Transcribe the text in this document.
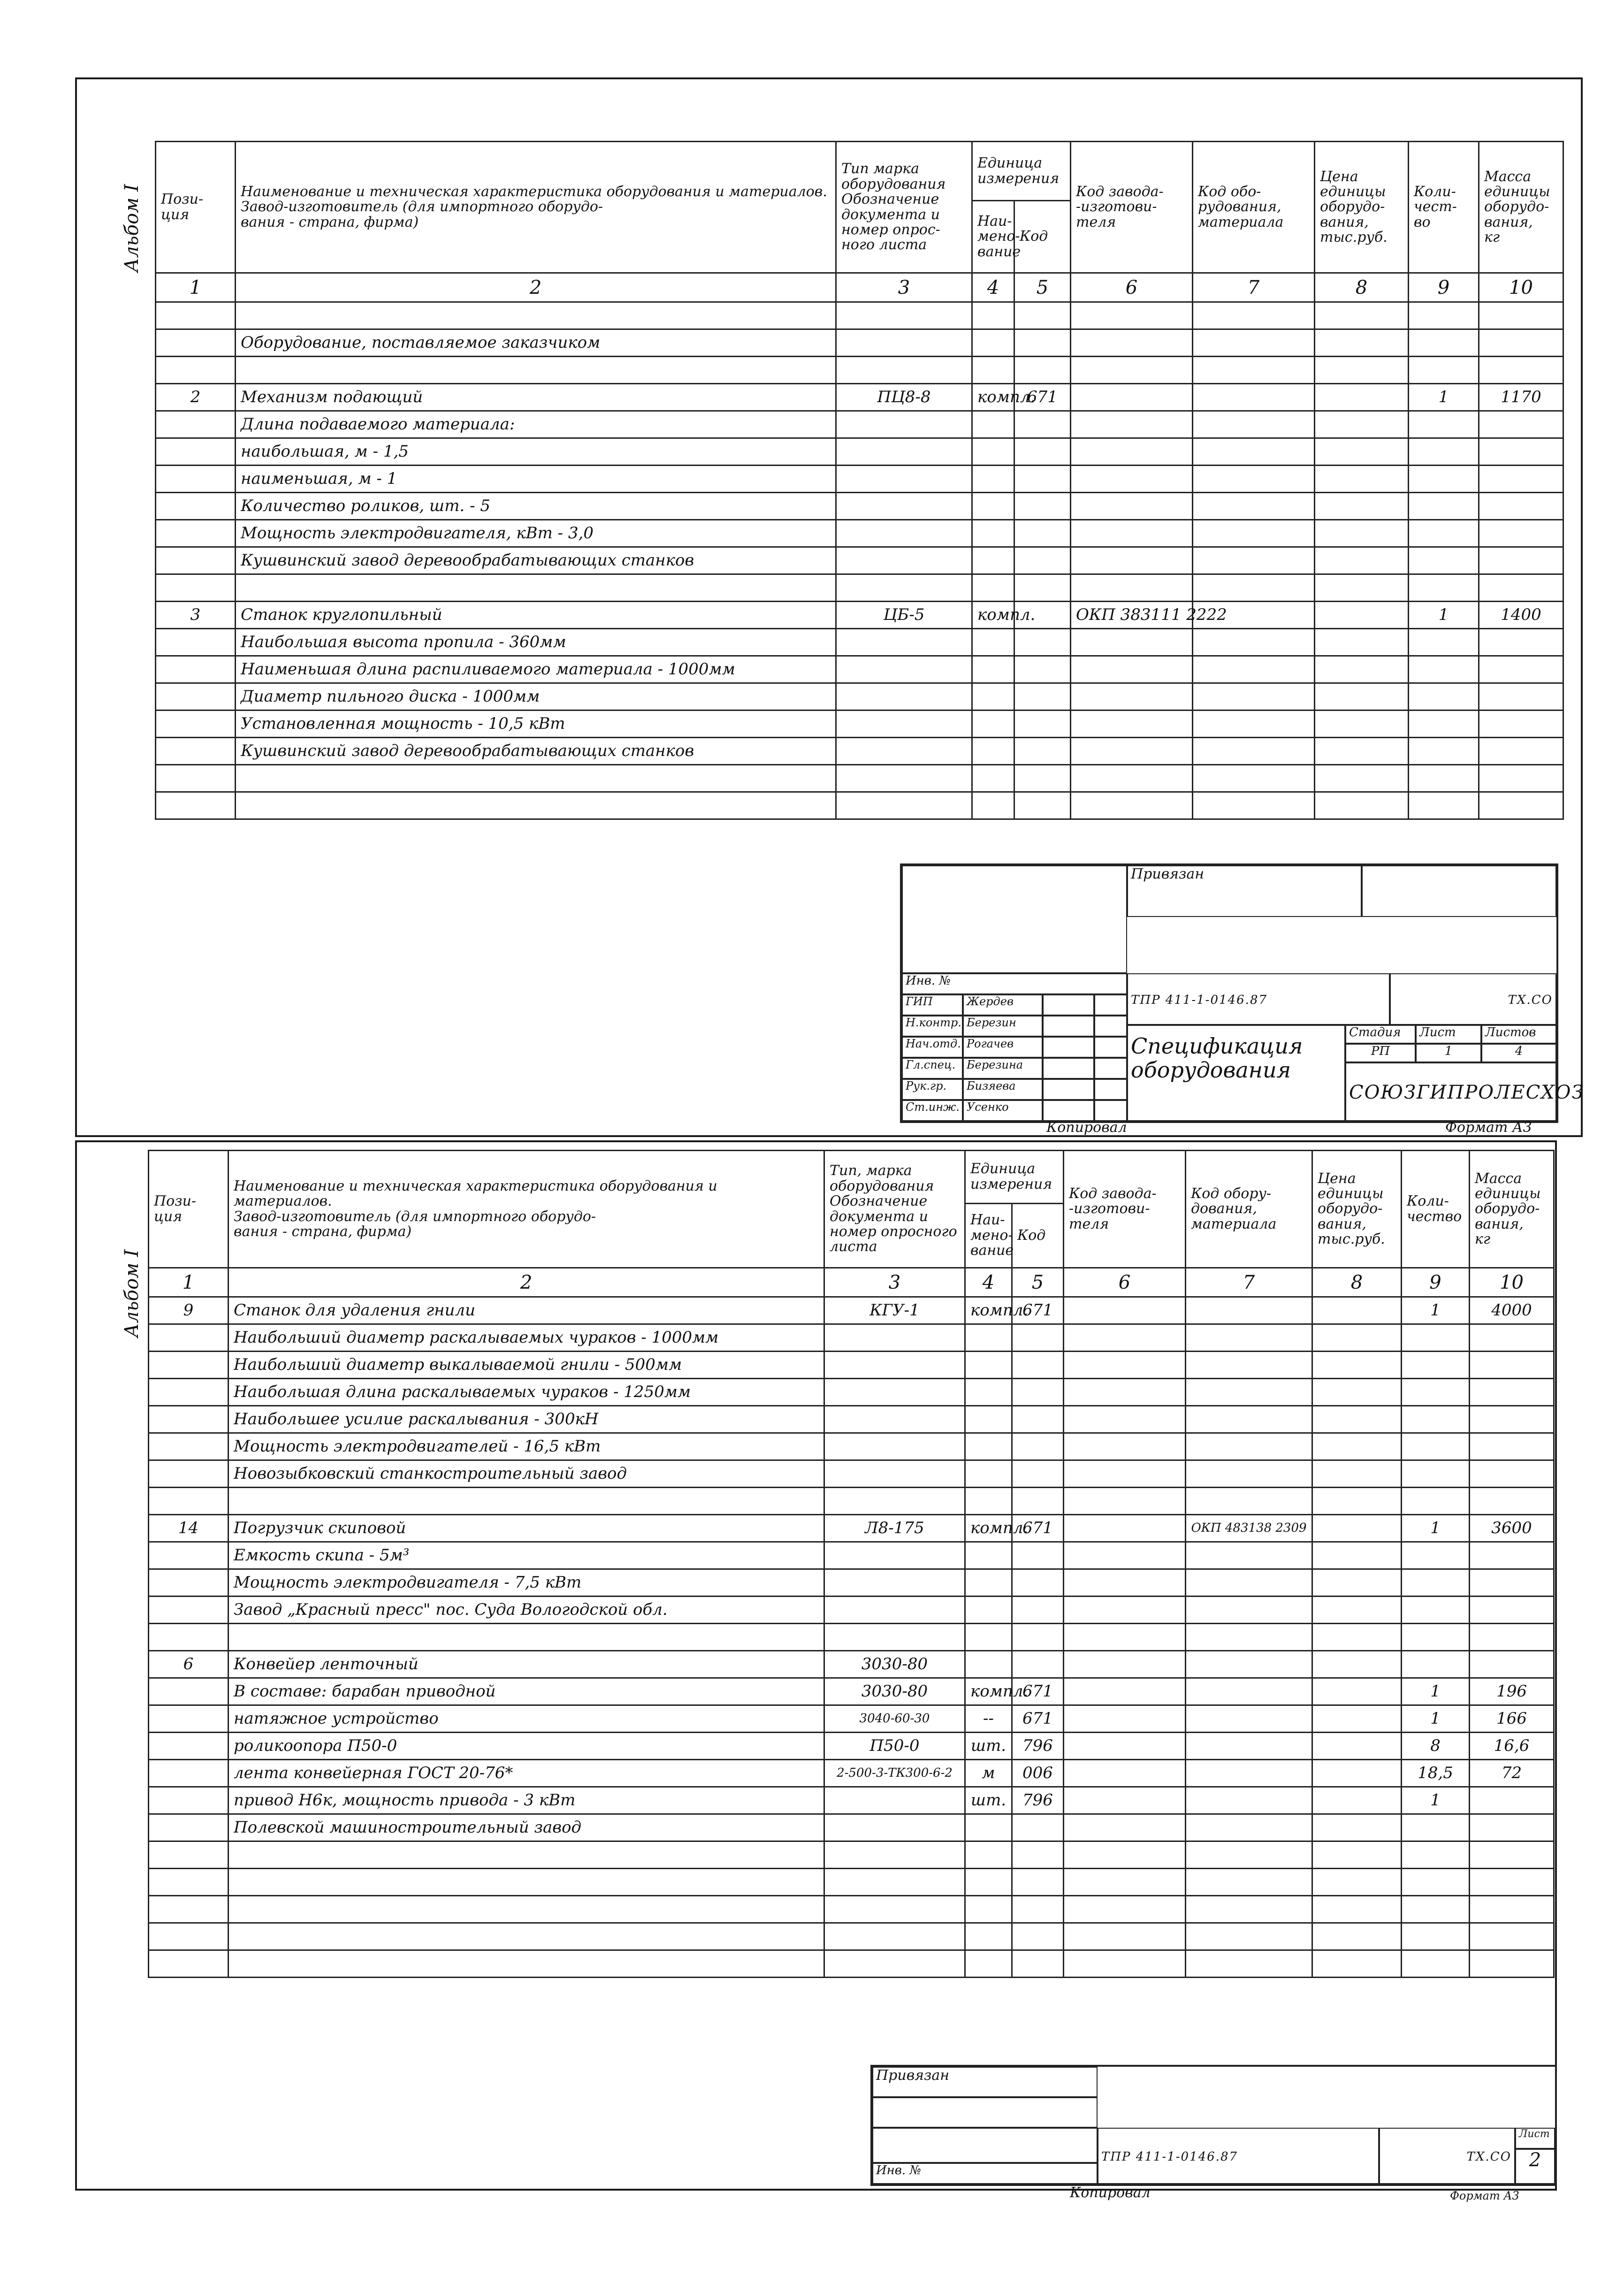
Альбом I Пози-
ция	Наименование и техническая характеристика оборудования и материалов.
Завод-изготовитель (для импортного оборудо-
вания - страна, фирма)	Тип марка оборудования
Обозначение документа и номер опрос-ного листа	Единица измерения		Код завода-
-изготови-
теля	Код обо-
рудования,
материала	Цена единицы оборудо-вания,
тыс.руб.	Коли-
чест-
во	Масса единицы оборудо-вания,
кг
			Наи-
мено-
вание	Код					
1	2	3	4	5	6	7	8	9	10

	Оборудование, поставляемое заказчиком								

2	Механизм подающий	ПЦ8-8	компл.	671				1	1170
	Длина подаваемого материала:								
	наибольшая, м - 1,5								
	наименьшая, м - 1								
	Количество роликов, шт. - 5								
	Мощность электродвигателя, кВт - 3,0								
	Кушвинский завод деревообрабатывающих станков								

3	Станок круглопильный	ЦБ-5	компл.		ОКП 383111 2222			1	1400
	Наибольшая высота пропила - 360мм								
	Наименьшая длина распиливаемого материала - 1000мм								
	Диаметр пильного диска - 1000мм								
	Установленная мощность - 10,5 кВт								
	Кушвинский завод деревообрабатывающих станков								

Привязан
Инв. №
ГИП	Жердев
Н.контр. Березин
Нач.отд. Рогачев
Гл.спец. Березина
Рук.гр.	Бизяева
Ст.инж. Усенко
ТПР 411-1-0146.87	ТХ.СО
Спецификация
оборудования
Стадия	Лист	Листов
РП	1	4
СОЮЗГИПРОЛЕСХОЗ
Копировал	Формат А3
Альбом I
Пози-
ция	Наименование и техническая характеристика оборудования и материалов.
Завод-изготовитель (для импортного оборудо-
вания - страна, фирма)	Тип, марка оборудования
Обозначение документа и номер опросного листа	Единица измерения		Код завода-
-изготови-
теля	Код обору-
дования,
материала	Цена единицы оборудо-вания,
тыс.руб.	Коли-
чество	Масса единицы оборудо-вания,
кг
			Наи-
мено-
вание	Код					
1	2	3	4	5	6	7	8	9	10
9	Станок для удаления гнили	КГУ-1	компл.	671				1	4000
	Наибольший диаметр раскалываемых чураков - 1000мм								
	Наибольший диаметр выкалываемой гнили - 500мм								
	Наибольшая длина раскалываемых чураков - 1250мм								
	Наибольшее усилие раскалывания - 300кН								
	Мощность электродвигателей - 16,5 кВт								
	Новозыбковский станкостроительный завод								

14	Погрузчик скиповой	Л8-175	компл.	671		ОКП 483138 2309		1	3600
	Емкость скипа - 5м³								
	Мощность электродвигателя - 7,5 кВт								
	Завод „Красный пресс" пос. Суда Вологодской обл.								

6	Конвейер ленточный	3030-80							
	В составе: барабан приводной	3030-80	компл.	671				1	196
	натяжное устройство	3040-60-30	--	671				1	166
	роликоопора П50-0	П50-0	шт.	796				8	16,6
	лента конвейерная ГОСТ 20-76*	2-500-3-ТК300-6-2	м	006				18,5	72
	привод Н6к, мощность привода - 3 кВт		шт.	796				1	
	Полевской машиностроительный завод								

Привязан
Инв. №
ТПР 411-1-0146.87	ТХ.СО
Лист
2
Копировал	Формат А3
